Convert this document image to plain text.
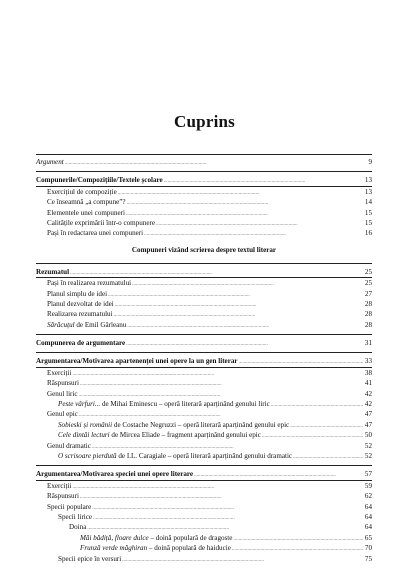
Cuprins
Argument . . .	9
Compunerile/Compozițiile/Textele școlare . . .	13
Exercițiul de compoziție . . .	13
Ce înseamnă „a compune”? . . .	14
Elementele unei compuneri . . .	15
Calitățile exprimării într-o compunere . . .	15
Pași în redactarea unei compuneri . . .	16
Compuneri vizând scrierea despre textul literar
Rezumatul . . .	25
Pași în realizarea rezumatului . . .	25
Planul simplu de idei . . .	27
Planul dezvoltat de idei . . .	28
Realizarea rezumatului . . .	28
Sărăcuțul de Emil Gârleanu . . .	28
Compunerea de argumentare . . .	31
Argumentarea/Motivarea apartenenței unei opere la un gen literar . . .	33
Exerciții . . .	38
Răspunsuri . . .	41
Genul liric . . .	42
Peste vârfuri... de Mihai Eminescu – operă literară aparținând genului liric . . .	42
Genul epic . . .	47
Sobieski și românii de Costache Negruzzi – operă literară aparținând genului epic . . .	47
Cele dintâi lecturi de Mircea Eliade – fragment aparținând genului epic . . .	50
Genul dramatic . . .	52
O scrisoare pierdută de I.L. Caragiale – operă literară aparținând genului dramatic . . .	52
Argumentarea/Motivarea speciei unei opere literare . . .	57
Exerciții . . .	59
Răspunsuri . . .	62
Specii populare . . .	64
Specii lirice . . .	64
Doina . . .	64
Măi bădiță, floare dulce – doină populară de dragoste . . .	65
Frunză verde măghiran – doină populară de haiducie . . .	70
Specii epice în versuri . . .	75
